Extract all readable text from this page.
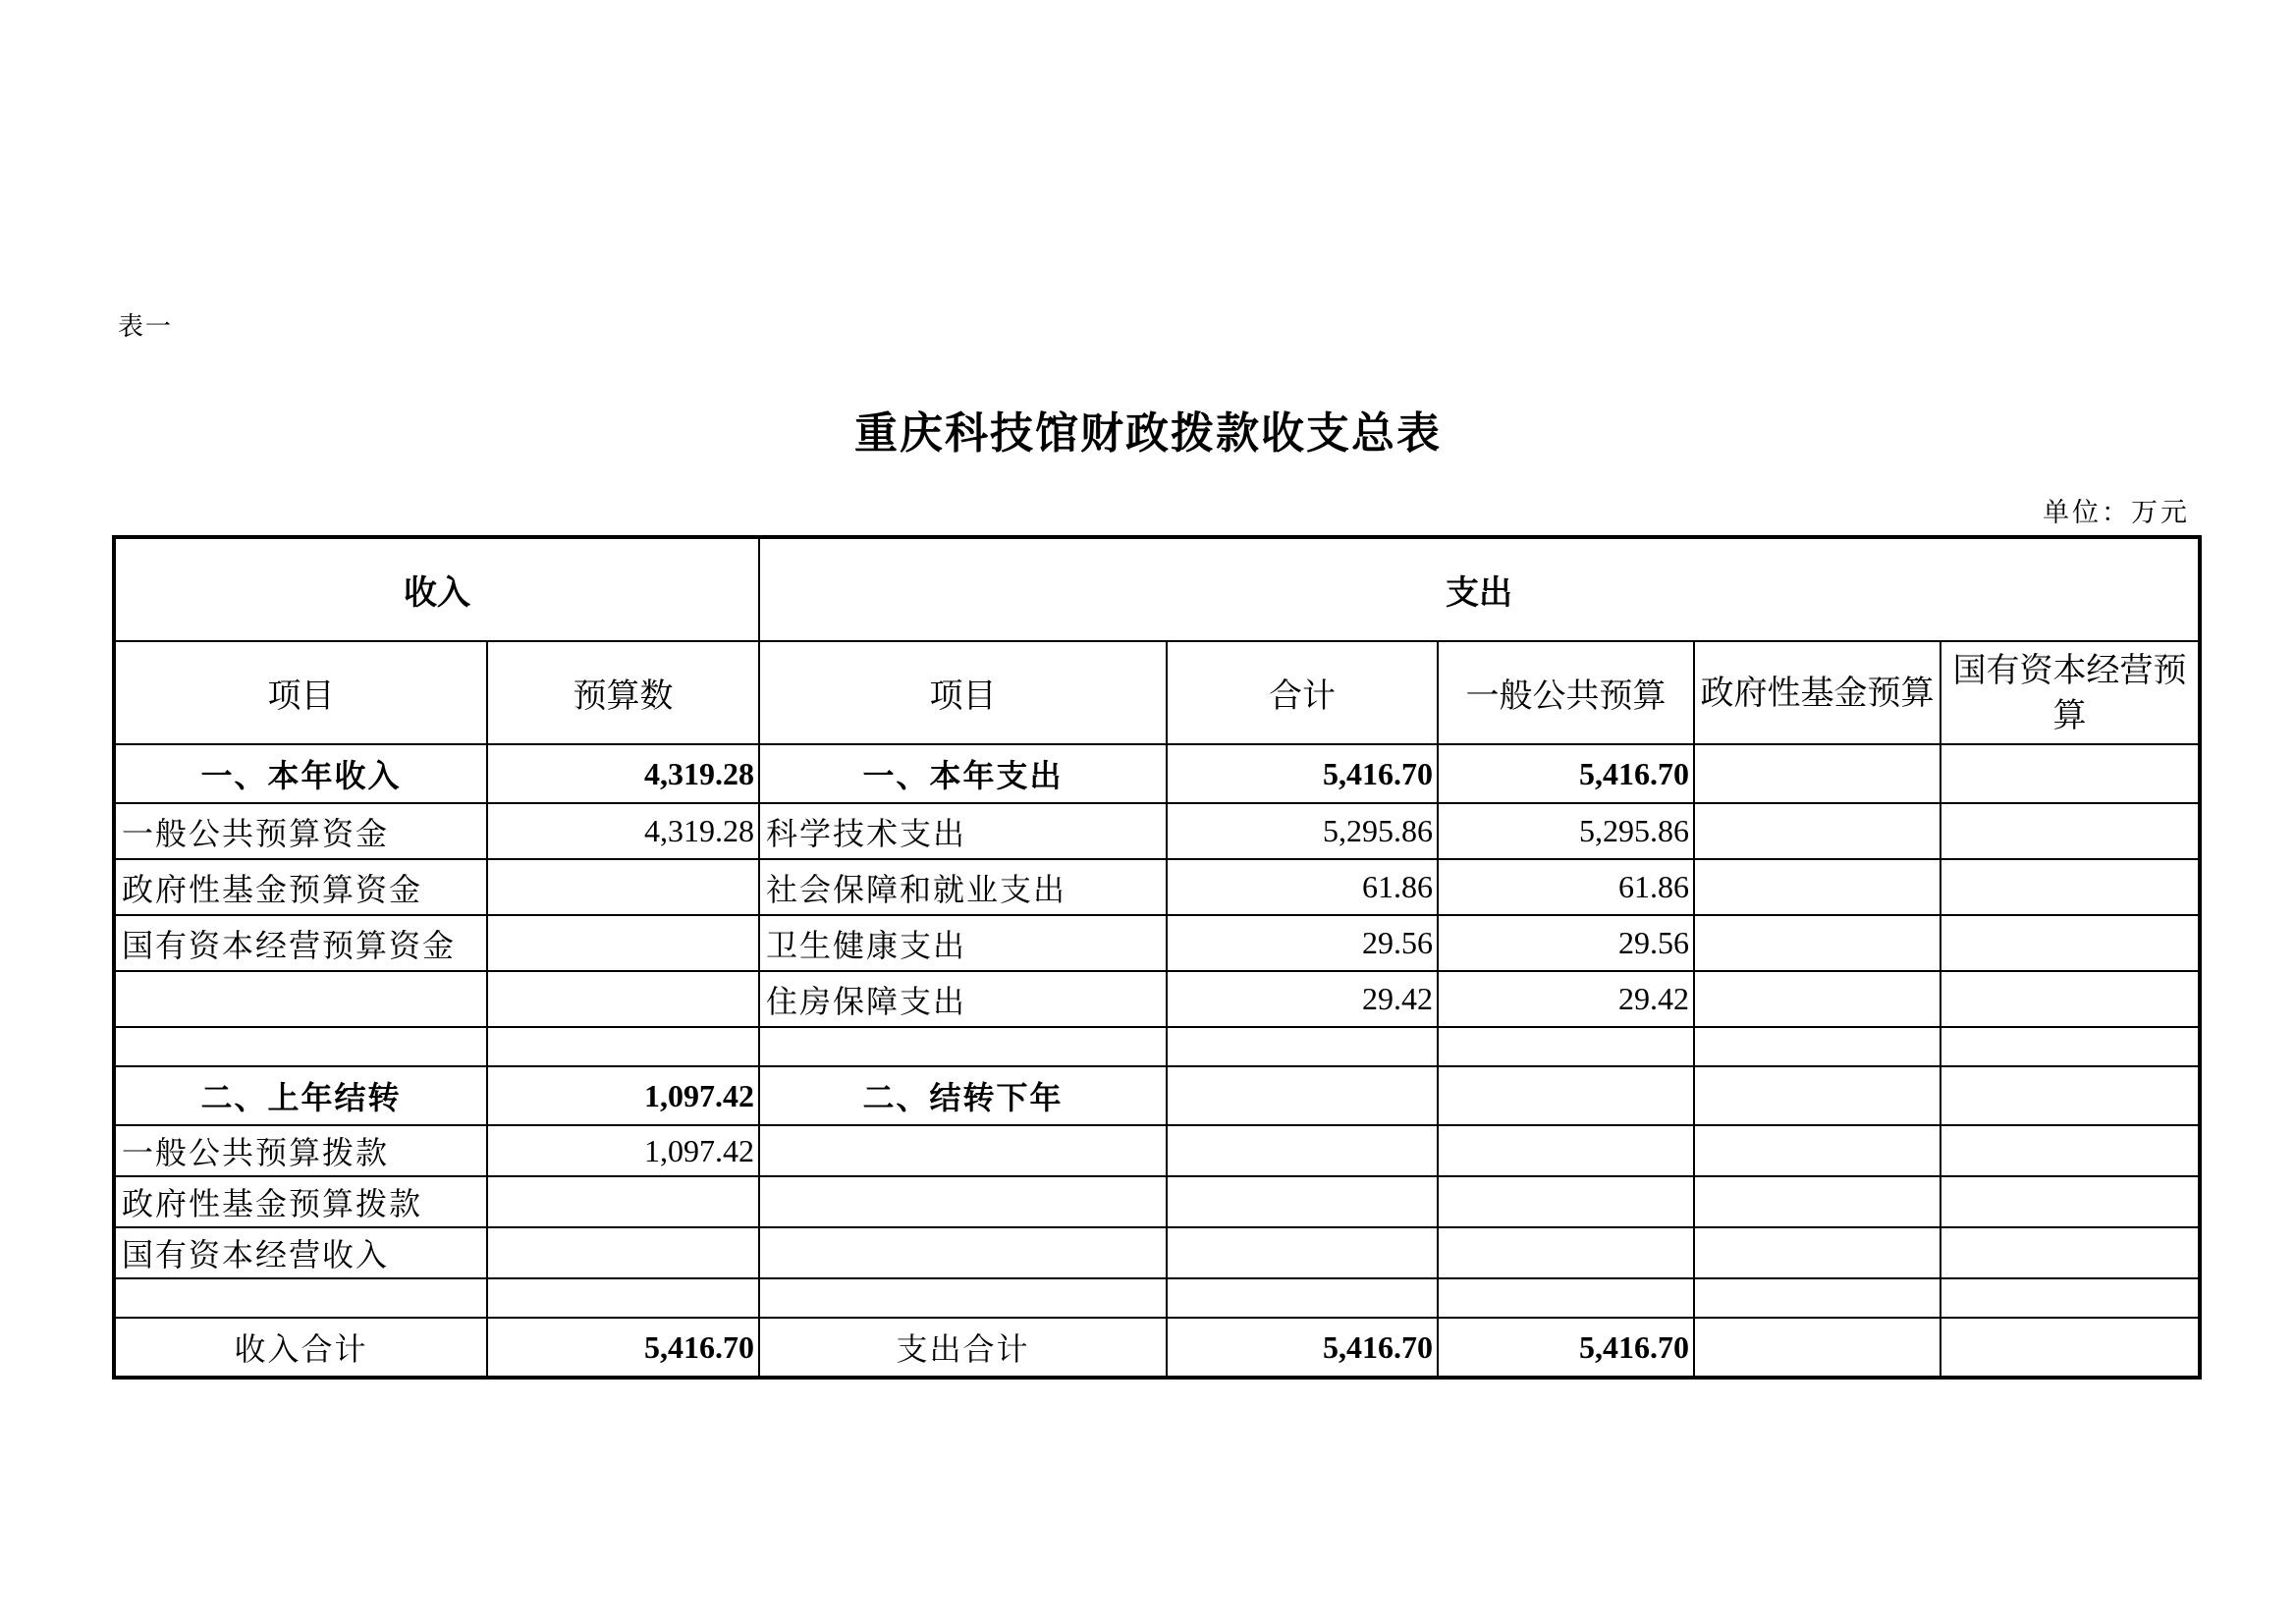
表一
重庆科技馆财政拨款收支总表
单位：万元
收入		支出				
项目	预算数	项目	合计	一般公共预算	政府性基金预算	国有资本经营预算
一、本年收入	4,319.28	一、本年支出	5,416.70	5,416.70		
一般公共预算资金	4,319.28	科学技术支出	5,295.86	5,295.86		
政府性基金预算资金		社会保障和就业支出	61.86	61.86		
国有资本经营预算资金		卫生健康支出	29.56	29.56		
		住房保障支出	29.42	29.42		

二、上年结转	1,097.42	二、结转下年				
一般公共预算拨款	1,097.42					
政府性基金预算拨款						
国有资本经营收入						

收入合计	5,416.70	支出合计	5,416.70	5,416.70		
